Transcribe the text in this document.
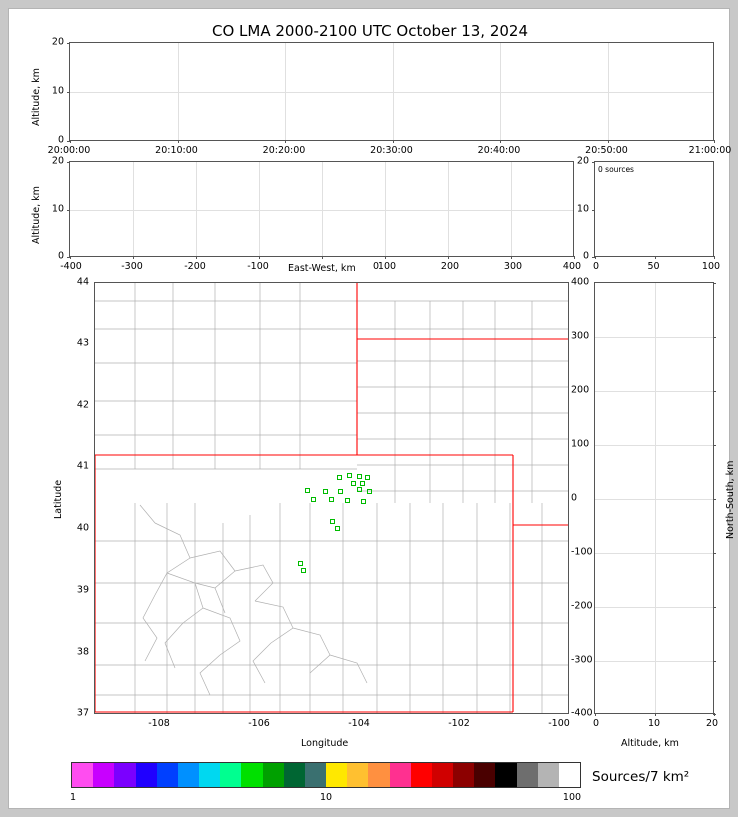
CO LMA 2000-2100 UTC October 13, 2024
20
10
0
20:00:00	20:10:00	20:20:00	20:30:00	20:40:00	20:50:00	21:00:00
Altitude, km
20
10
0
-400	-300	-200	-100	0
100	200	300	400
Altitude, km
East-West, km
0 sources
20
10
0
0	50	100
44
43
42
41
40
39
38
37
-108	-106	-104	-102	-100
Latitude
Longitude
400
300
200
100
0
-100
-200
-300
-400
0	10	20
North-South, km
Altitude, km
1	10	100
Sources/7 km²
